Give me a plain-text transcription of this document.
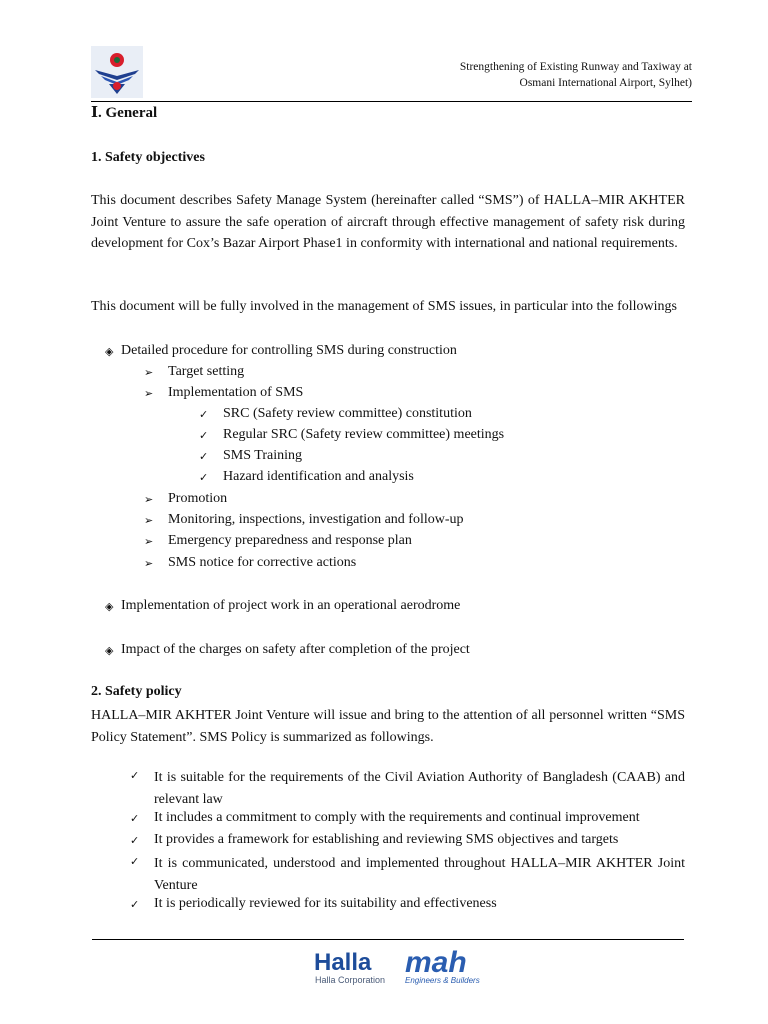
Strengthening of Existing Runway and Taxiway at
Osmani International Airport, Sylhet)
Ⅰ. General
1. Safety objectives
This document describes Safety Manage System (hereinafter called “SMS”) of HALLA–MIR AKHTER Joint Venture to assure the safe operation of aircraft through effective management of safety risk during development for Cox’s Bazar Airport Phase1 in conformity with international and national requirements.
This document will be fully involved in the management of SMS issues, in particular into the followings
◈ Detailed procedure for controlling SMS during construction
➢ Target setting
➢ Implementation of SMS
✓ SRC (Safety review committee) constitution
✓ Regular SRC (Safety review committee) meetings
✓ SMS Training
✓ Hazard identification and analysis
➢ Promotion
➢ Monitoring, inspections, investigation and follow-up
➢ Emergency preparedness and response plan
➢ SMS notice for corrective actions
◈ Implementation of project work in an operational aerodrome
◈ Impact of the charges on safety after completion of the project
2. Safety policy
HALLA–MIR AKHTER Joint Venture will issue and bring to the attention of all personnel written “SMS Policy Statement”. SMS Policy is summarized as followings.
✓ It is suitable for the requirements of the Civil Aviation Authority of Bangladesh (CAAB) and relevant law
✓ It includes a commitment to comply with the requirements and continual improvement
✓ It provides a framework for establishing and reviewing SMS objectives and targets
✓ It is communicated, understood and implemented throughout HALLA–MIR AKHTER Joint Venture
✓ It is periodically reviewed for its suitability and effectiveness
Halla
Halla Corporation
mah
Engineers & Builders
